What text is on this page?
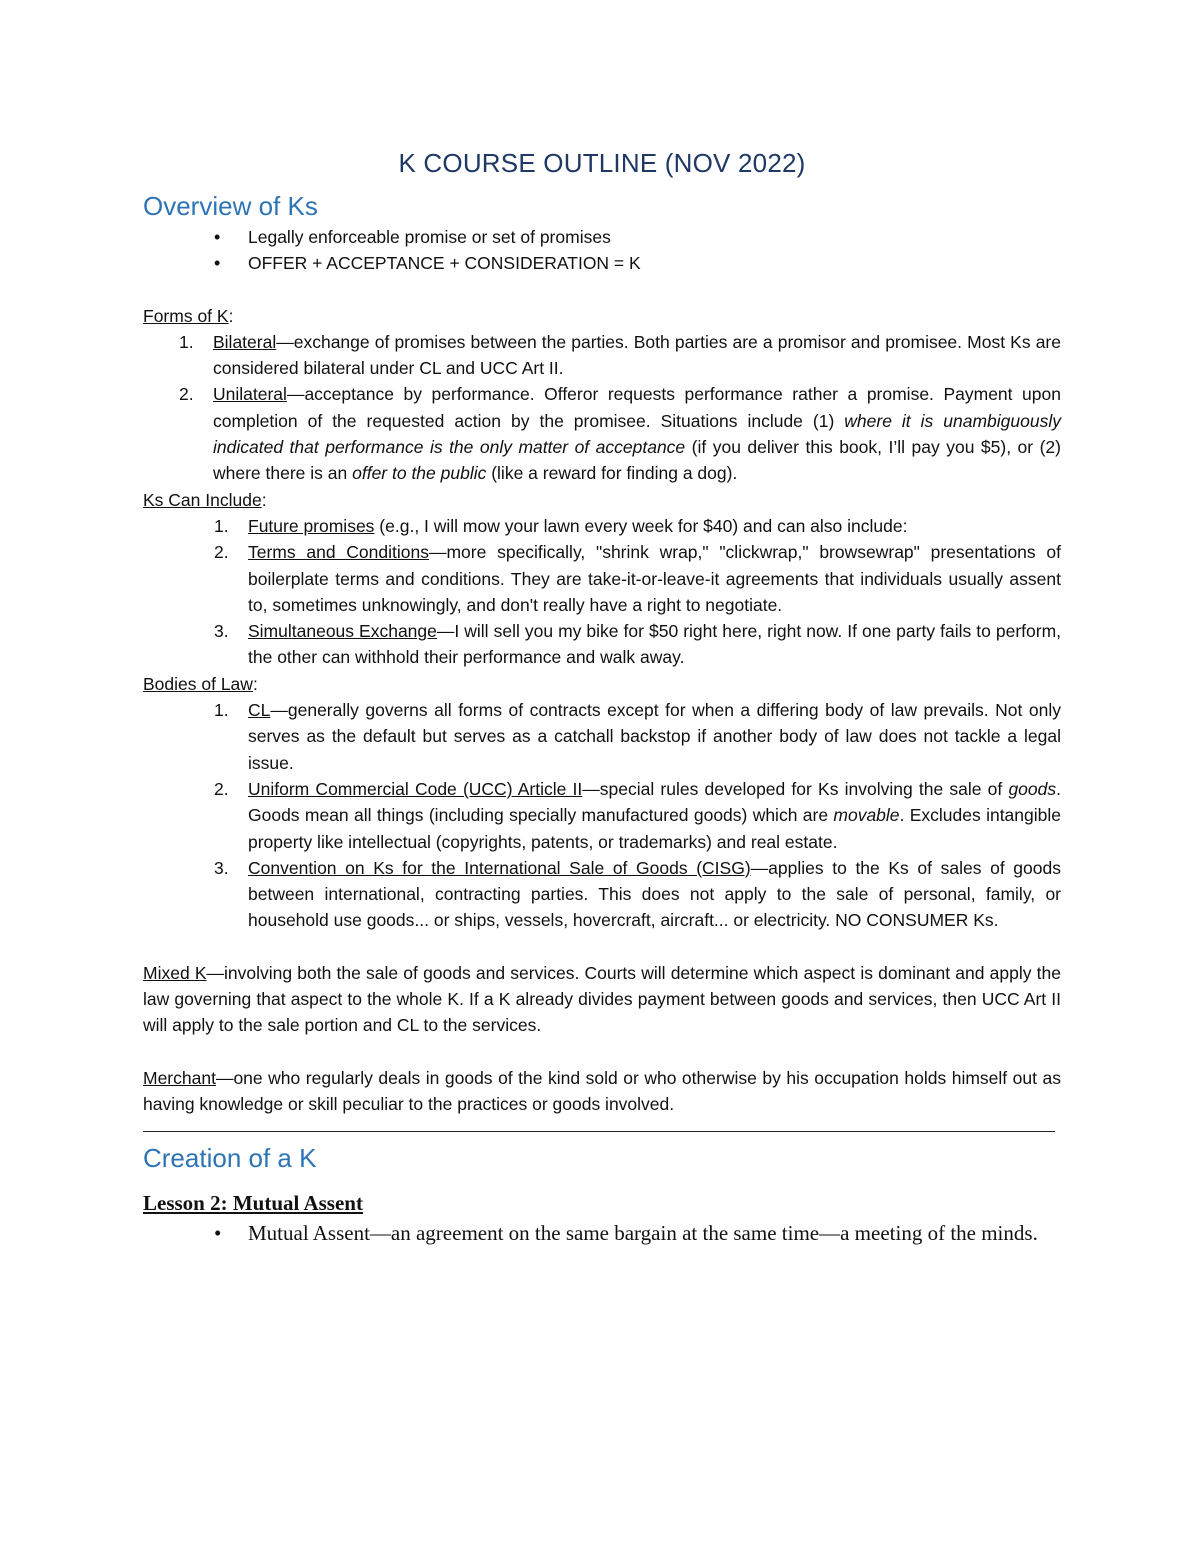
K COURSE OUTLINE (NOV 2022)
Overview of Ks
• Legally enforceable promise or set of promises
• OFFER + ACCEPTANCE + CONSIDERATION = K
Forms of K:
1. Bilateral—exchange of promises between the parties. Both parties are a promisor and promisee. Most Ks are considered bilateral under CL and UCC Art II.
2. Unilateral—acceptance by performance. Offeror requests performance rather a promise. Payment upon completion of the requested action by the promisee. Situations include (1) where it is unambiguously indicated that performance is the only matter of acceptance (if you deliver this book, I’ll pay you $5), or (2) where there is an offer to the public (like a reward for finding a dog).
Ks Can Include:
1. Future promises (e.g., I will mow your lawn every week for $40) and can also include:
2. Terms and Conditions—more specifically, "shrink wrap," "clickwrap," browsewrap" presentations of boilerplate terms and conditions. They are take-it-or-leave-it agreements that individuals usually assent to, sometimes unknowingly, and don't really have a right to negotiate.
3. Simultaneous Exchange—I will sell you my bike for $50 right here, right now. If one party fails to perform, the other can withhold their performance and walk away.
Bodies of Law:
1. CL—generally governs all forms of contracts except for when a differing body of law prevails. Not only serves as the default but serves as a catchall backstop if another body of law does not tackle a legal issue.
2. Uniform Commercial Code (UCC) Article II—special rules developed for Ks involving the sale of goods. Goods mean all things (including specially manufactured goods) which are movable. Excludes intangible property like intellectual (copyrights, patents, or trademarks) and real estate.
3. Convention on Ks for the International Sale of Goods (CISG)—applies to the Ks of sales of goods between international, contracting parties. This does not apply to the sale of personal, family, or household use goods... or ships, vessels, hovercraft, aircraft... or electricity. NO CONSUMER Ks.

Mixed K—involving both the sale of goods and services. Courts will determine which aspect is dominant and apply the law governing that aspect to the whole K. If a K already divides payment between goods and services, then UCC Art II will apply to the sale portion and CL to the services.

Merchant—one who regularly deals in goods of the kind sold or who otherwise by his occupation holds himself out as having knowledge or skill peculiar to the practices or goods involved.

Creation of a K
Lesson 2: Mutual Assent
• Mutual Assent—an agreement on the same bargain at the same time—a meeting of the minds.
